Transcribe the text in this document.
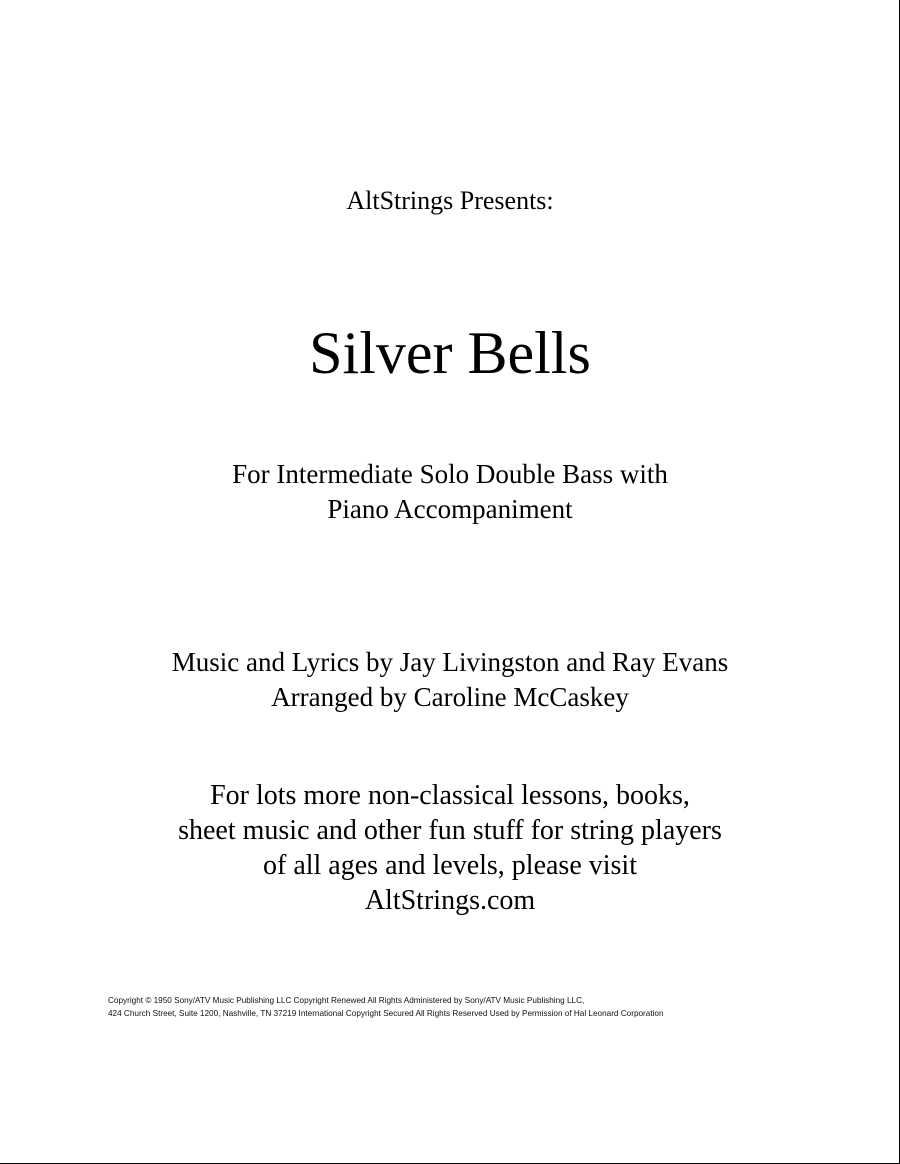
AltStrings Presents:

Silver Bells

For Intermediate Solo Double Bass with

Piano Accompaniment

Music and Lyrics by Jay Livingston and Ray Evans

Arranged by Caroline McCaskey

For lots more non-classical lessons, books,

sheet music and other fun stuff for string players

of all ages and levels, please visit

AltStrings.com

Copyright © 1950 Sony/ATV Music Publishing LLC Copyright Renewed All Rights Administered by Sony/ATV Music Publishing LLC,
424 Church Street, Suite 1200, Nashville, TN 37219 International Copyright Secured All Rights Reserved Used by Permission of Hal Leonard Corporation
